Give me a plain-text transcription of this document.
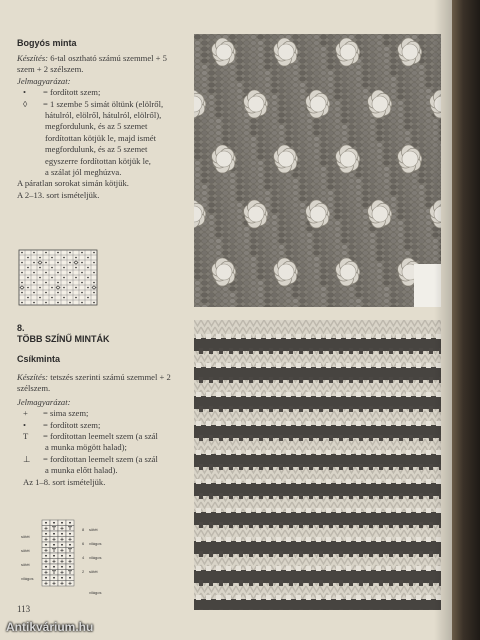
Bogyós minta
Készítés: 6-tal osztható számú szemmel + 5
szem + 2 szélszem.
Jelmagyarázat:
• = fordított szem;
◊ = 1 szembe 5 simát öltünk (elölről,
hátulról, elölről, hátulról, elölről),
megfordulunk, és az 5 szemet
fordítottan kötjük le, majd ismét
megfordulunk, és az 5 szemet
egyszerre fordítottan kötjük le,
a szálat jól meghúzva.
A páratlan sorokat simán kötjük.
A 2–13. sort ismételjük.
8.
TÖBB SZÍNŰ MINTÁK
Csíkminta
Készítés: tetszés szerinti számú szemmel + 2
szélszem.
Jelmagyarázat:
+ = sima szem;
• = fordított szem;
T = fordítottan leemelt szem (a szál
a munka mögött halad);
⊥ = fordítottan leemelt szem (a szál
a munka előtt halad).
Az 1–8. sort ismételjük.
sötét
sötét
sötét
világos
sötét
világos
világos
sötét
világos
8
6
4
2
113
Antikvárium.hu
